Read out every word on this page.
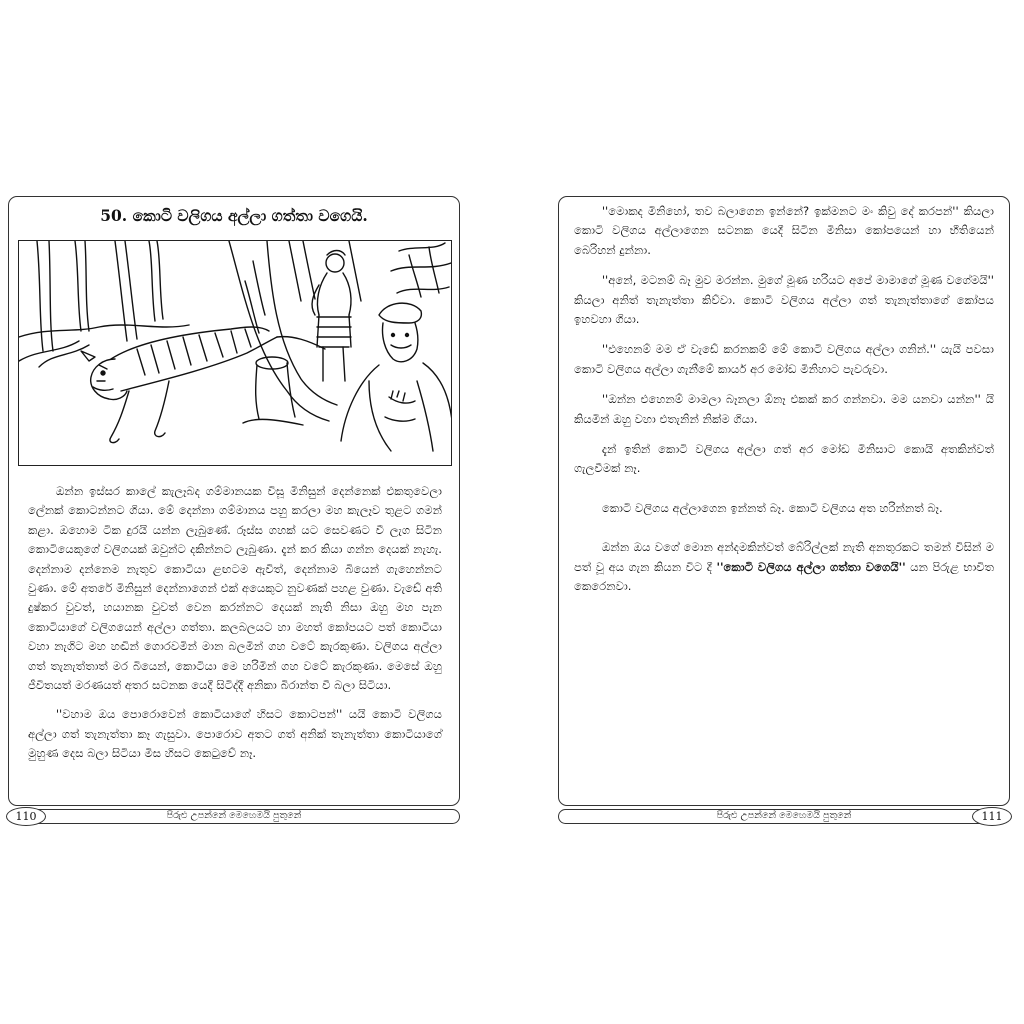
50. කොටි වලිගය අල්ලා ගත්තා වගෙයි.

ඔන්න ඉස්සර කාලේ කැලෑබද ගම්මානයක විසූ මිනිසුන් දෙන්නෙක් එකතුවෙලා ලේනක් කොටන්නට ගියා. මේ දෙන්නා ගම්මානය පහු කරලා මහ කැලෑව තුළට ගමන් කළා. ඔහොම ටික දුරයි යන්න ලැබුණේ. රූස්ස ගහක් යට සෙවණට වී ලැග සිටින කොටියෙකුගේ වලිගයක් ඔවුන්ට දකින්නට ලැබුණා. දැන් කර කියා ගන්න දෙයක් නැහැ. දෙන්නාම දන්නෙම නැතුව කොටියා ළඟටම ඇවිත්, දෙන්නාම බියෙන් ගැහෙන්නට වුණා. මේ අතරේ මිනිසුන් දෙන්නාගෙන් එක් අයෙකුට නුවණක් පහළ වුණා. වැඩේ අති දුෂ්කර වුවත්, හයානක වුවත් වෙන කරන්නට දෙයක් නැති නිසා ඔහු මහ පැන කොටියාගේ වලිගයෙන් අල්ලා ගත්තා. කලබලයට හා මහත් කෝපයට පත් කොටියා වහා නැගිට මහ හඬින් ගොරවමින් මාන බලමින් ගහ වටේ කැරකුණා. වලිගය අල්ලා ගත් තැනැත්තාත් මර බියෙන්, කොටියා මෙ හරිමින් ගහ වටේ කැරකුණා. මෙසේ ඔහු ජීවිතයත් මරණයත් අතර සටනක යෙදී සිටිද්දී අනිකා බිරාන්ත වී බලා සිටියා.

''වහාම ඔය පොරොවෙන් කොටියාගේ හිසට කොටපන්'' යයි කොටි වලිගය අල්ලා ගත් තැනැත්තා කෑ ගැසුවා. පොරොව අතට ගත් අනික් තැනැත්තා කොටියාගේ මුහුණ දෙස බලා සිටියා මිස හිසට කෙටුවේ නෑ.

පිරුළු උපන්නේ මෙහෙමයි පුතුනේ
110

''මොකද මිනිහෝ, තව බලාගෙන ඉන්නේ? ඉක්මනට මං කිවු දේ කරපන්'' කියලා කොටි වලිගය අල්ලාගෙන සටනක යෙදී සිටින මිනිසා කෝපයෙන් හා භීතියෙන් බෙරිහන් දුන්නා.

''අනේ, මටනම් බෑ මුව මරන්න. මුගේ මූණ හරියට අපේ මාමාගේ මූණ වගේමයි'' කියලා අනිත් තැනැත්තා කිව්වා. කොටි වලිගය අල්ලා ගත් තැනැත්තාගේ කෝපය ඉහවහා ගියා.

''එහෙනම් මම ඒ වැඩේ කරනකම් මේ කොටි වලිගය අල්ලා ගනින්.'' යැයි පවසා කොටි වලිගය අල්ලා ගැනීමේ කාර්ය අර මෝඩ මිනිහාට පැවරුවා.

''ඔන්න එහෙනම් මාමලා බෑනලා ඕනෑ එකක් කර ගන්නවා. මම යනවා යන්න'' යි කියමින් ඔහු වහා එතැනින් නික්ම ගියා.

දැන් ඉතින් කොටි වලිගය අල්ලා ගත් අර මෝඩ මිනිසාට කොයි අතකින්වත් ගැලවීමක් නෑ.

කොටි වලිගය අල්ලාගෙන ඉන්නත් බෑ. කොටි වලිගය අත හරින්නත් බෑ.

ඔන්න ඔය වගේ මොන අන්දමකින්වත් බේරිල්ලක් නැති අනතුරකට තමන් විසින් ම පත් වූ අය ගැන කියන විට දී ''කොටි වලිගය අල්ලා ගත්තා වගෙයි'' යන පිරුළ භාවිත කෙරෙනවා.

පිරුළු උපන්නේ මෙහෙමයි පුතුනේ	111
